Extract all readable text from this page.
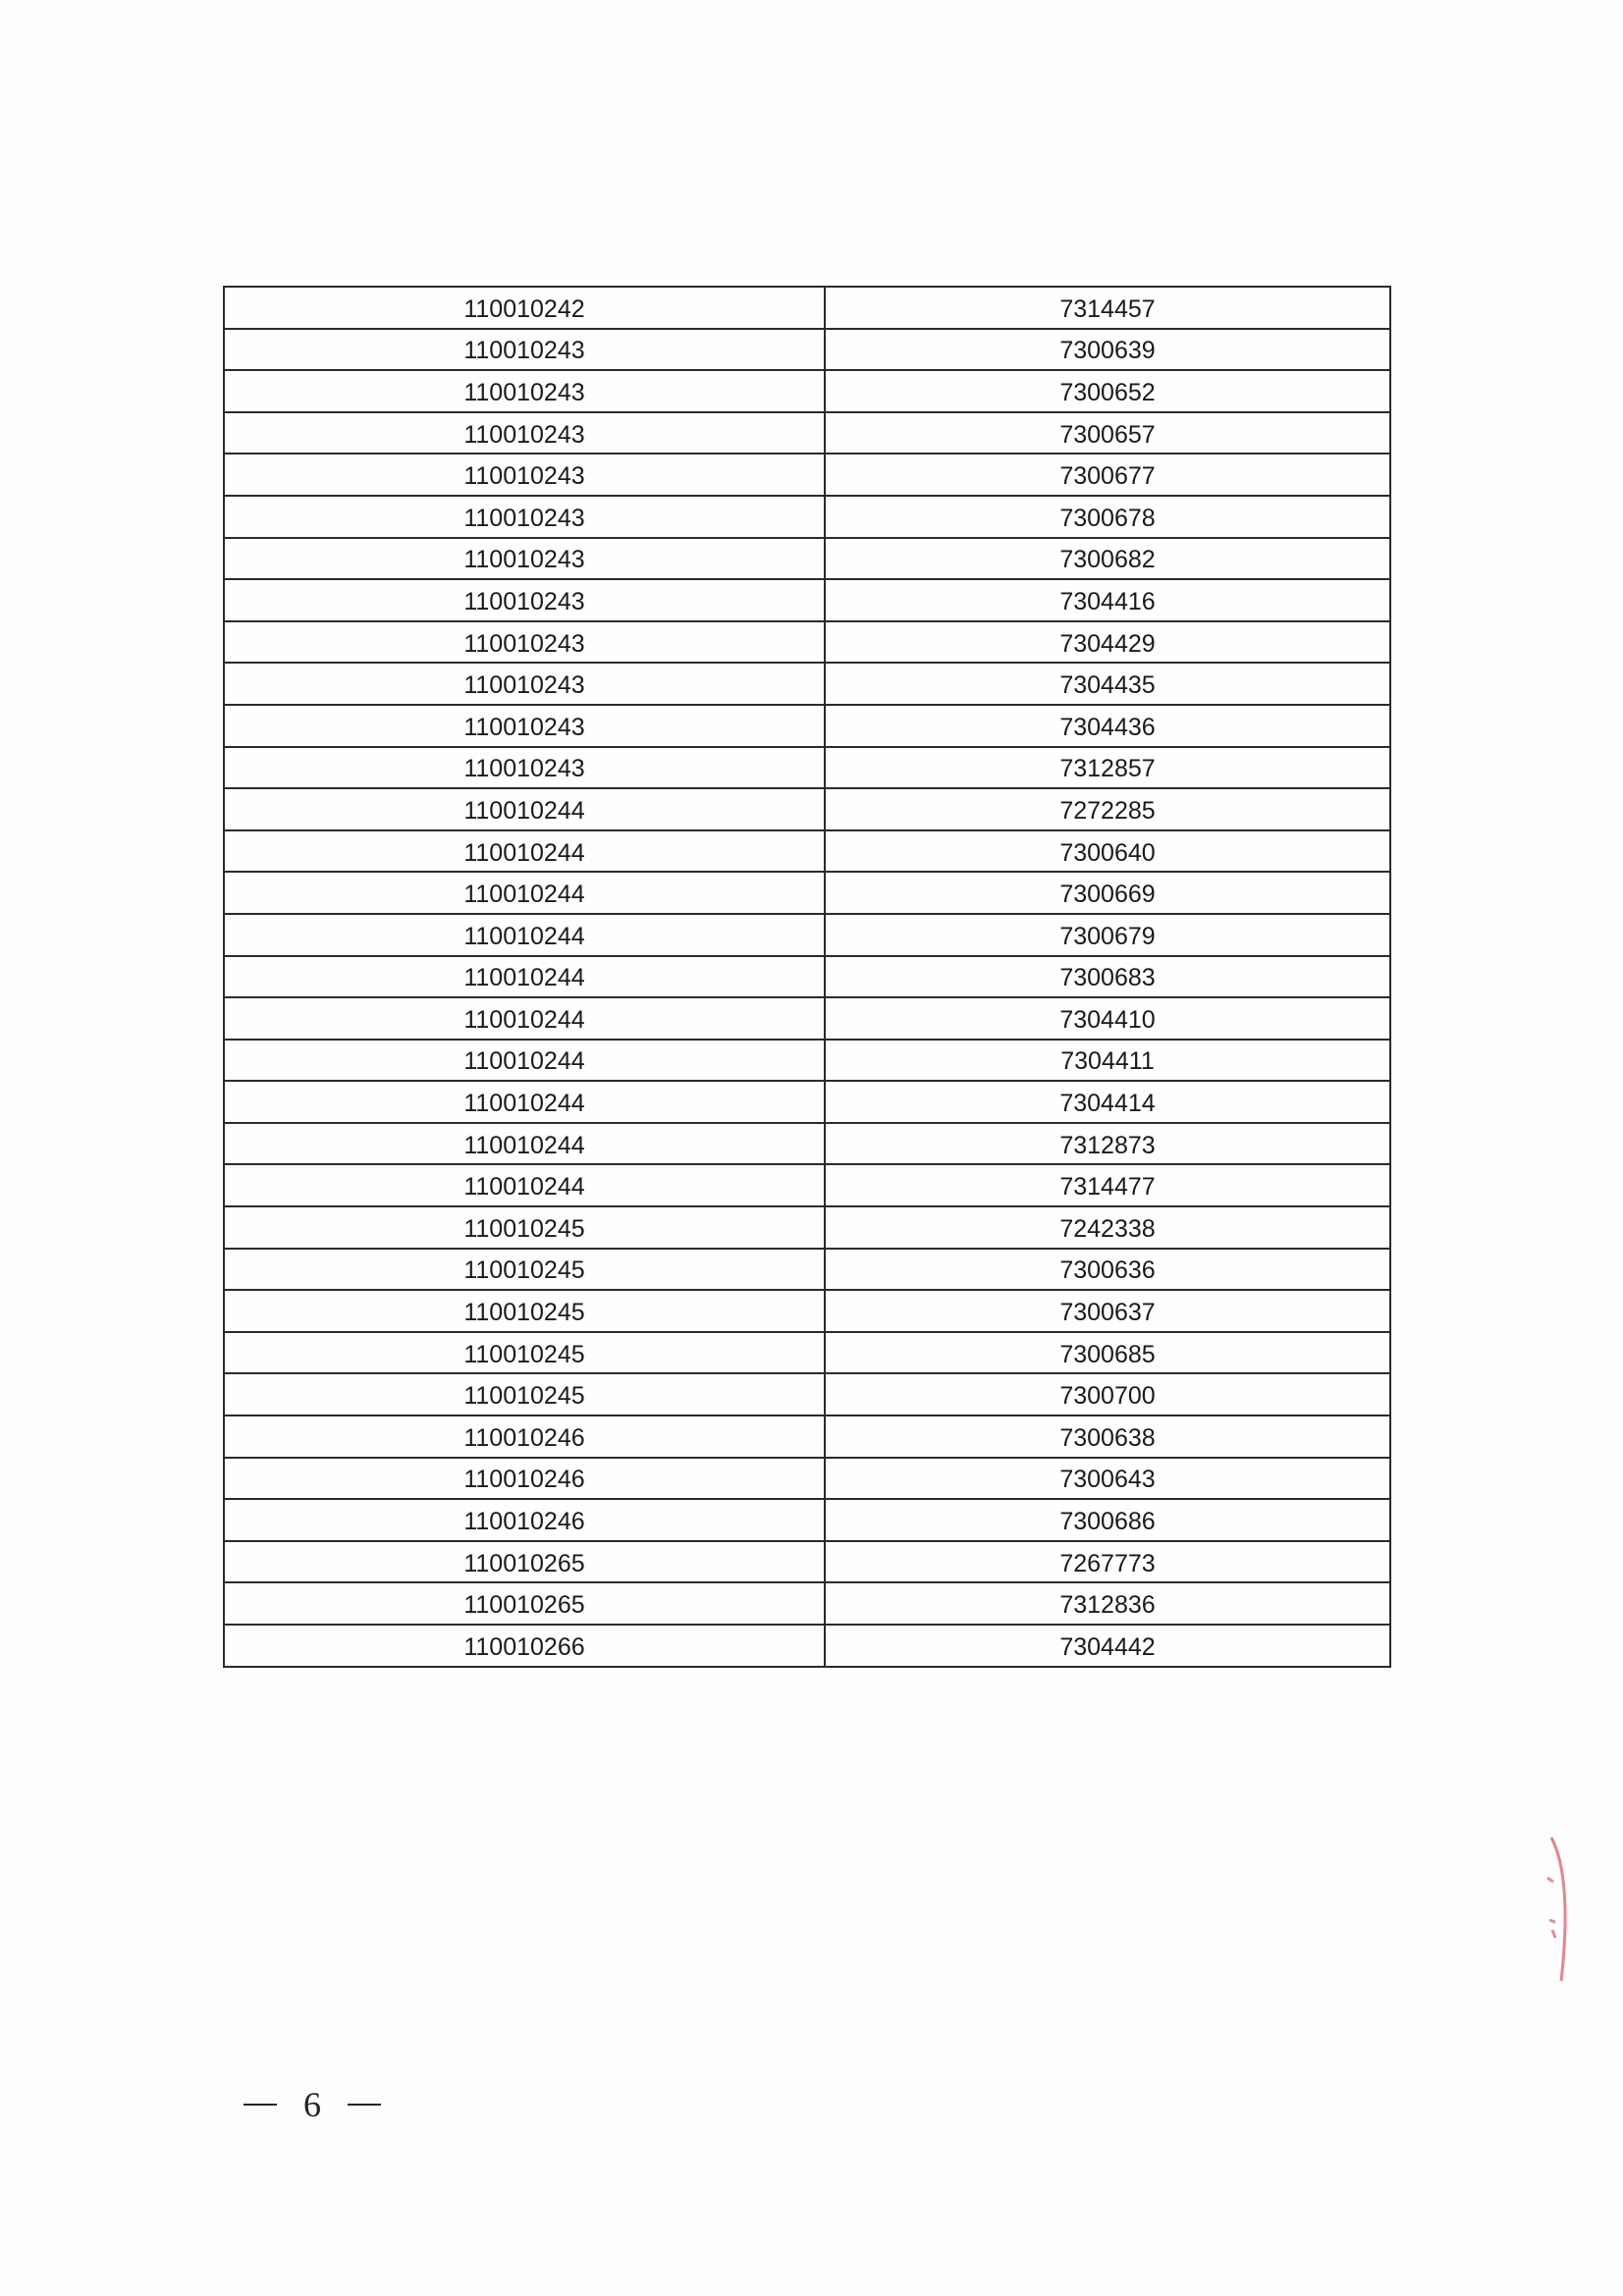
110010242	7314457
110010243	7300639
110010243	7300652
110010243	7300657
110010243	7300677
110010243	7300678
110010243	7300682
110010243	7304416
110010243	7304429
110010243	7304435
110010243	7304436
110010243	7312857
110010244	7272285
110010244	7300640
110010244	7300669
110010244	7300679
110010244	7300683
110010244	7304410
110010244	7304411
110010244	7304414
110010244	7312873
110010244	7314477
110010245	7242338
110010245	7300636
110010245	7300637
110010245	7300685
110010245	7300700
110010246	7300638
110010246	7300643
110010246	7300686
110010265	7267773
110010265	7312836
110010266	7304442
6
